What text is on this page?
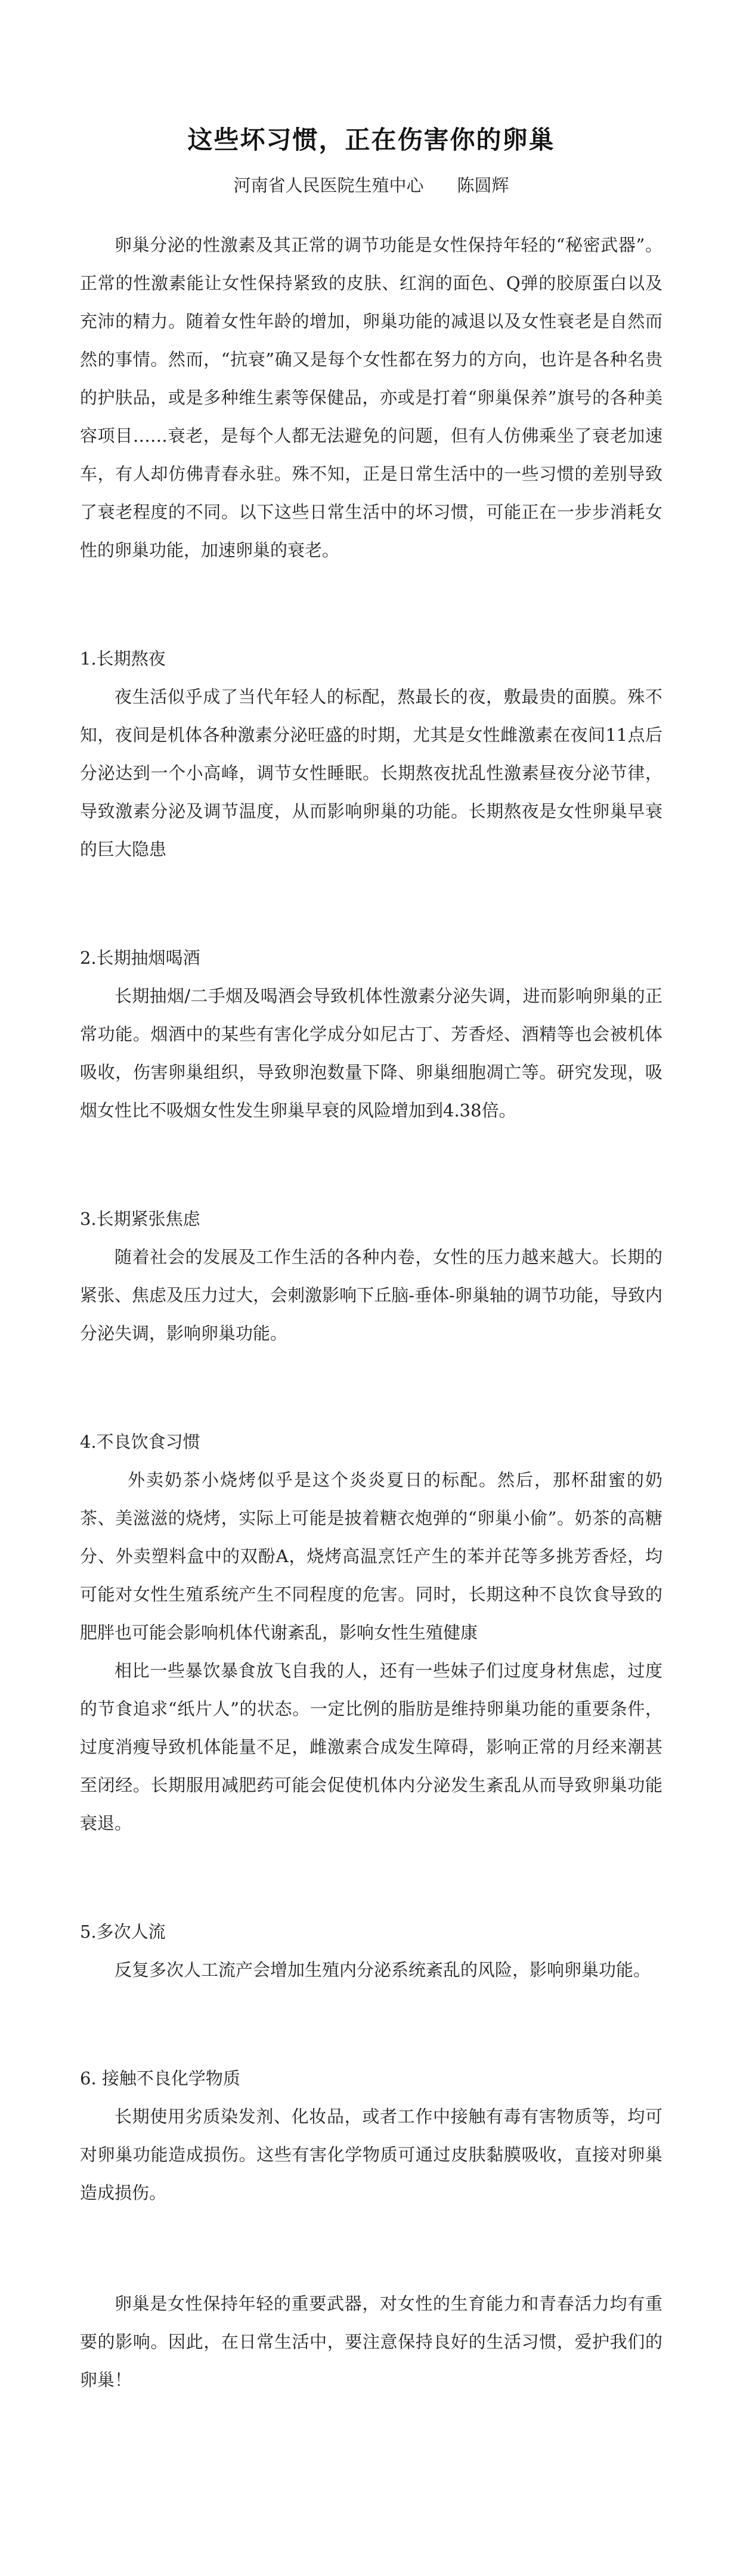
这些坏习惯，正在伤害你的卵巢
河南省人民医院生殖中心 陈圆辉

卵巢分泌的性激素及其正常的调节功能是女性保持年轻的“秘密武器”。正常的性激素能让女性保持紧致的皮肤、红润的面色、Q弹的胶原蛋白以及充沛的精力。随着女性年龄的增加，卵巢功能的减退以及女性衰老是自然而然的事情。然而，“抗衰”确又是每个女性都在努力的方向，也许是各种名贵的护肤品，或是多种维生素等保健品，亦或是打着“卵巢保养”旗号的各种美容项目……衰老，是每个人都无法避免的问题，但有人仿佛乘坐了衰老加速车，有人却仿佛青春永驻。殊不知，正是日常生活中的一些习惯的差别导致了衰老程度的不同。以下这些日常生活中的坏习惯，可能正在一步步消耗女性的卵巢功能，加速卵巢的衰老。

1.长期熬夜

夜生活似乎成了当代年轻人的标配，熬最长的夜，敷最贵的面膜。殊不知，夜间是机体各种激素分泌旺盛的时期，尤其是女性雌激素在夜间11点后分泌达到一个小高峰，调节女性睡眠。长期熬夜扰乱性激素昼夜分泌节律，导致激素分泌及调节温度，从而影响卵巢的功能。长期熬夜是女性卵巢早衰的巨大隐患

2.长期抽烟喝酒

长期抽烟/二手烟及喝酒会导致机体性激素分泌失调，进而影响卵巢的正常功能。烟酒中的某些有害化学成分如尼古丁、芳香烃、酒精等也会被机体吸收，伤害卵巢组织，导致卵泡数量下降、卵巢细胞凋亡等。研究发现，吸烟女性比不吸烟女性发生卵巢早衰的风险增加到4.38倍。

3.长期紧张焦虑

随着社会的发展及工作生活的各种内卷，女性的压力越来越大。长期的紧张、焦虑及压力过大，会刺激影响下丘脑-垂体-卵巢轴的调节功能，导致内分泌失调，影响卵巢功能。

4.不良饮食习惯

外卖奶茶小烧烤似乎是这个炎炎夏日的标配。然后，那杯甜蜜的奶茶、美滋滋的烧烤，实际上可能是披着糖衣炮弹的“卵巢小偷”。奶茶的高糖分、外卖塑料盒中的双酚A，烧烤高温烹饪产生的苯并芘等多挑芳香烃，均可能对女性生殖系统产生不同程度的危害。同时，长期这种不良饮食导致的肥胖也可能会影响机体代谢紊乱，影响女性生殖健康

相比一些暴饮暴食放飞自我的人，还有一些妹子们过度身材焦虑，过度的节食追求“纸片人”的状态。一定比例的脂肪是维持卵巢功能的重要条件，过度消瘦导致机体能量不足，雌激素合成发生障碍，影响正常的月经来潮甚至闭经。长期服用减肥药可能会促使机体内分泌发生紊乱从而导致卵巢功能衰退。

5.多次人流

反复多次人工流产会增加生殖内分泌系统紊乱的风险，影响卵巢功能。

6. 接触不良化学物质

长期使用劣质染发剂、化妆品，或者工作中接触有毒有害物质等，均可对卵巢功能造成损伤。这些有害化学物质可通过皮肤黏膜吸收，直接对卵巢造成损伤。

卵巢是女性保持年轻的重要武器，对女性的生育能力和青春活力均有重要的影响。因此，在日常生活中，要注意保持良好的生活习惯，爱护我们的卵巢！
